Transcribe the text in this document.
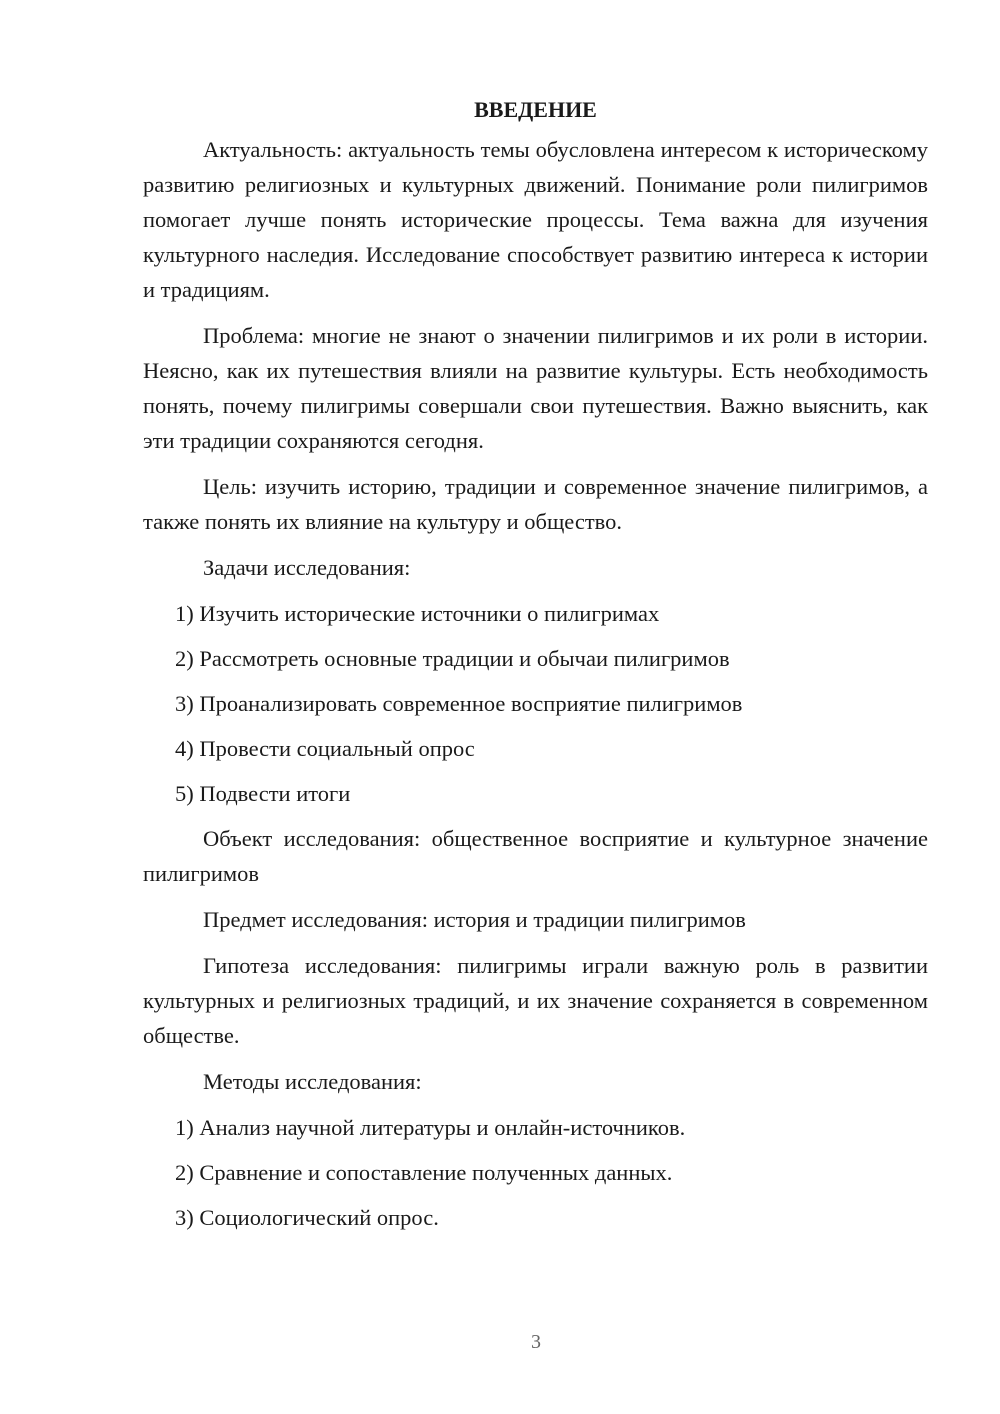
ВВЕДЕНИЕ

Актуальность: актуальность темы обусловлена интересом к историческому развитию религиозных и культурных движений. Понимание роли пилигримов помогает лучше понять исторические процессы. Тема важна для изучения культурного наследия. Исследование способствует развитию интереса к истории и традициям.

Проблема: многие не знают о значении пилигримов и их роли в истории. Неясно, как их путешествия влияли на развитие культуры. Есть необходимость понять, почему пилигримы совершали свои путешествия. Важно выяснить, как эти традиции сохраняются сегодня.

Цель: изучить историю, традиции и современное значение пилигримов, а также понять их влияние на культуру и общество.

Задачи исследования:

1) Изучить исторические источники о пилигримах
2) Рассмотреть основные традиции и обычаи пилигримов
3) Проанализировать современное восприятие пилигримов
4) Провести социальный опрос
5) Подвести итоги

Объект исследования: общественное восприятие и культурное значение пилигримов

Предмет исследования: история и традиции пилигримов

Гипотеза исследования: пилигримы играли важную роль в развитии культурных и религиозных традиций, и их значение сохраняется в современном обществе.

Методы исследования:

1) Анализ научной литературы и онлайн-источников.
2) Сравнение и сопоставление полученных данных.
3) Социологический опрос.
3
